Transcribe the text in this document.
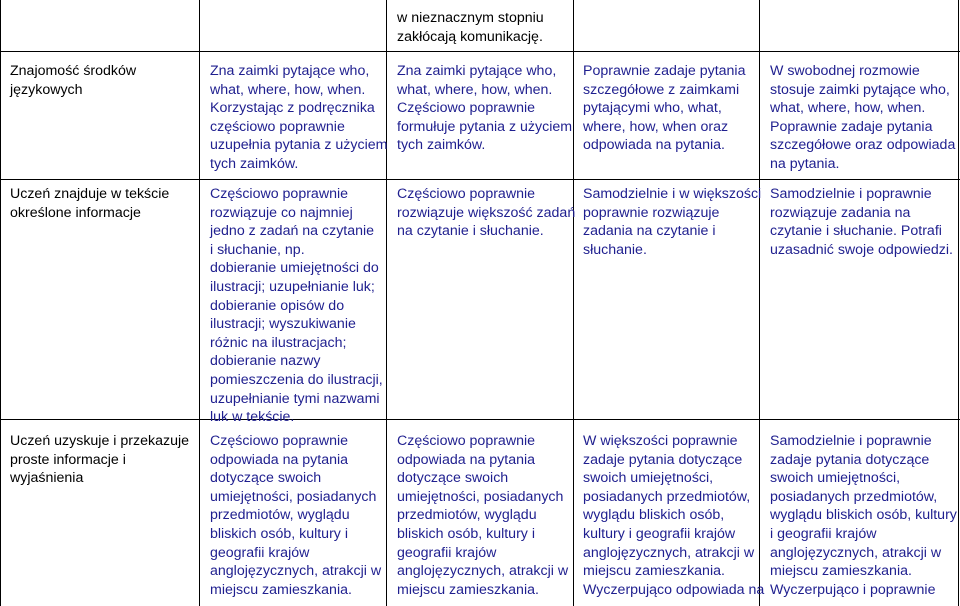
w nieznacznym stopniu
zakłócają komunikację.
Znajomość środków
językowych
Zna zaimki pytające who,
what, where, how, when.
Korzystając z podręcznika
częściowo poprawnie
uzupełnia pytania z użyciem
tych zaimków.
Zna zaimki pytające who,
what, where, how, when.
Częściowo poprawnie
formułuje pytania z użyciem
tych zaimków.
Poprawnie zadaje pytania
szczegółowe z zaimkami
pytającymi who, what,
where, how, when oraz
odpowiada na pytania.
W swobodnej rozmowie
stosuje zaimki pytające who,
what, where, how, when.
Poprawnie zadaje pytania
szczegółowe oraz odpowiada
na pytania.
Uczeń znajduje w tekście
określone informacje
Częściowo poprawnie
rozwiązuje co najmniej
jedno z zadań na czytanie
i słuchanie, np.
dobieranie umiejętności do
ilustracji; uzupełnianie luk;
dobieranie opisów do
ilustracji; wyszukiwanie
różnic na ilustracjach;
dobieranie nazwy
pomieszczenia do ilustracji,
uzupełnianie tymi nazwami
luk w tekście.
Częściowo poprawnie
rozwiązuje większość zadań
na czytanie i słuchanie.
Samodzielnie i w większości
poprawnie rozwiązuje
zadania na czytanie i
słuchanie.
Samodzielnie i poprawnie
rozwiązuje zadania na
czytanie i słuchanie. Potrafi
uzasadnić swoje odpowiedzi.
Uczeń uzyskuje i przekazuje
proste informacje i
wyjaśnienia
Częściowo poprawnie
odpowiada na pytania
dotyczące swoich
umiejętności, posiadanych
przedmiotów, wyglądu
bliskich osób, kultury i
geografii krajów
anglojęzycznych, atrakcji w
miejscu zamieszkania.
Częściowo poprawnie
odpowiada na pytania
dotyczące swoich
umiejętności, posiadanych
przedmiotów, wyglądu
bliskich osób, kultury i
geografii krajów
anglojęzycznych, atrakcji w
miejscu zamieszkania.
W większości poprawnie
zadaje pytania dotyczące
swoich umiejętności,
posiadanych przedmiotów,
wyglądu bliskich osób,
kultury i geografii krajów
anglojęzycznych, atrakcji w
miejscu zamieszkania.
Wyczerpująco odpowiada na
Samodzielnie i poprawnie
zadaje pytania dotyczące
swoich umiejętności,
posiadanych przedmiotów,
wyglądu bliskich osób, kultury
i geografii krajów
anglojęzycznych, atrakcji w
miejscu zamieszkania.
Wyczerpująco i poprawnie
